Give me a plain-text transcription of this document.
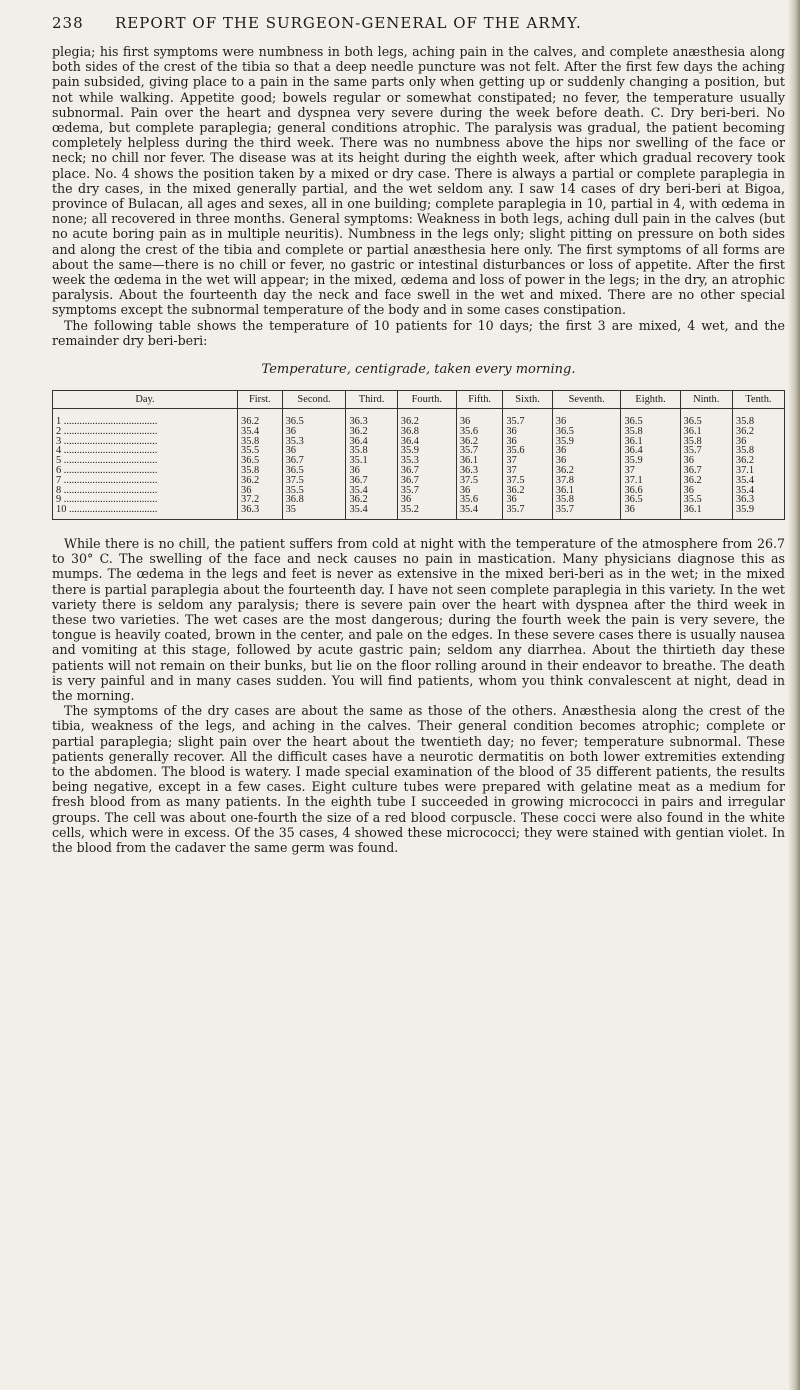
238 REPORT OF THE SURGEON-GENERAL OF THE ARMY.

plegia; his first symptoms were numbness in both legs, aching pain in the calves, and complete anæsthesia along both sides of the crest of the tibia so that a deep needle puncture was not felt. After the first few days the aching pain subsided, giving place to a pain in the same parts only when getting up or suddenly changing a position, but not while walking. Appetite good; bowels regular or somewhat constipated; no fever, the temperature usually subnormal. Pain over the heart and dyspnea very severe during the week before death. C. Dry beri-beri. No œdema, but complete paraplegia; general conditions atrophic. The paralysis was gradual, the patient becoming completely helpless during the third week. There was no numbness above the hips nor swelling of the face or neck; no chill nor fever. The disease was at its height during the eighth week, after which gradual recovery took place. No. 4 shows the position taken by a mixed or dry case. There is always a partial or complete paraplegia in the dry cases, in the mixed generally partial, and the wet seldom any. I saw 14 cases of dry beri-beri at Bigoa, province of Bulacan, all ages and sexes, all in one building; complete paraplegia in 10, partial in 4, with œdema in none; all recovered in three months. General symptoms: Weakness in both legs, aching dull pain in the calves (but no acute boring pain as in multiple neuritis). Numbness in the legs only; slight pitting on pressure on both sides and along the crest of the tibia and complete or partial anæsthesia here only. The first symptoms of all forms are about the same—there is no chill or fever, no gastric or intestinal disturbances or loss of appetite. After the first week the œdema in the wet will appear; in the mixed, œdema and loss of power in the legs; in the dry, an atrophic paralysis. About the fourteenth day the neck and face swell in the wet and mixed. There are no other special symptoms except the subnormal temperature of the body and in some cases constipation.

The following table shows the temperature of 10 patients for 10 days; the first 3 are mixed, 4 wet, and the remainder dry beri-beri:

Temperature, centigrade, taken every morning.
Day.	First.	Second.	Third.	Fourth.	Fifth.	Sixth.	Seventh.	Eighth.	Ninth.	Tenth.
1 ....................................	36.2	36.5	36.3	36.2	36	35.7	36	36.5	36.5	35.8
2 ....................................	35.4	36	36.2	36.8	35.6	36	36.5	35.8	36.1	36.2
3 ....................................	35.8	35.3	36.4	36.4	36.2	36	35.9	36.1	35.8	36
4 ....................................	35.5	36	35.8	35.9	35.7	35.6	36	36.4	35.7	35.8
5 ....................................	36.5	36.7	35.1	35.3	36.1	37	36	35.9	36	36.2
6 ....................................	35.8	36.5	36	36.7	36.3	37	36.2	37	36.7	37.1
7 ....................................	36.2	37.5	36.7	36.7	37.5	37.5	37.8	37.1	36.2	35.4
8 ....................................	36	35.5	35.4	35.7	36	36.2	36.1	36.6	36	35.4
9 ....................................	37.2	36.8	36.2	36	35.6	36	35.8	36.5	35.5	36.3
10 ..................................	36.3	35	35.4	35.2	35.4	35.7	35.7	36	36.1	35.9

While there is no chill, the patient suffers from cold at night with the temperature of the atmosphere from 26.7 to 30° C. The swelling of the face and neck causes no pain in mastication. Many physicians diagnose this as mumps. The œdema in the legs and feet is never as extensive in the mixed beri-beri as in the wet; in the mixed there is partial paraplegia about the fourteenth day. I have not seen complete paraplegia in this variety. In the wet variety there is seldom any paralysis; there is severe pain over the heart with dyspnea after the third week in these two varieties. The wet cases are the most dangerous; during the fourth week the pain is very severe, the tongue is heavily coated, brown in the center, and pale on the edges. In these severe cases there is usually nausea and vomiting at this stage, followed by acute gastric pain; seldom any diarrhea. About the thirtieth day these patients will not remain on their bunks, but lie on the floor rolling around in their endeavor to breathe. The death is very painful and in many cases sudden. You will find patients, whom you think convalescent at night, dead in the morning.

The symptoms of the dry cases are about the same as those of the others. Anæsthesia along the crest of the tibia, weakness of the legs, and aching in the calves. Their general condition becomes atrophic; complete or partial paraplegia; slight pain over the heart about the twentieth day; no fever; temperature subnormal. These patients generally recover. All the difficult cases have a neurotic dermatitis on both lower extremities extending to the abdomen. The blood is watery. I made special examination of the blood of 35 different patients, the results being negative, except in a few cases. Eight culture tubes were prepared with gelatine meat as a medium for fresh blood from as many patients. In the eighth tube I succeeded in growing micrococci in pairs and irregular groups. The cell was about one-fourth the size of a red blood corpuscle. These cocci were also found in the white cells, which were in excess. Of the 35 cases, 4 showed these micrococci; they were stained with gentian violet. In the blood from the cadaver the same germ was found.
